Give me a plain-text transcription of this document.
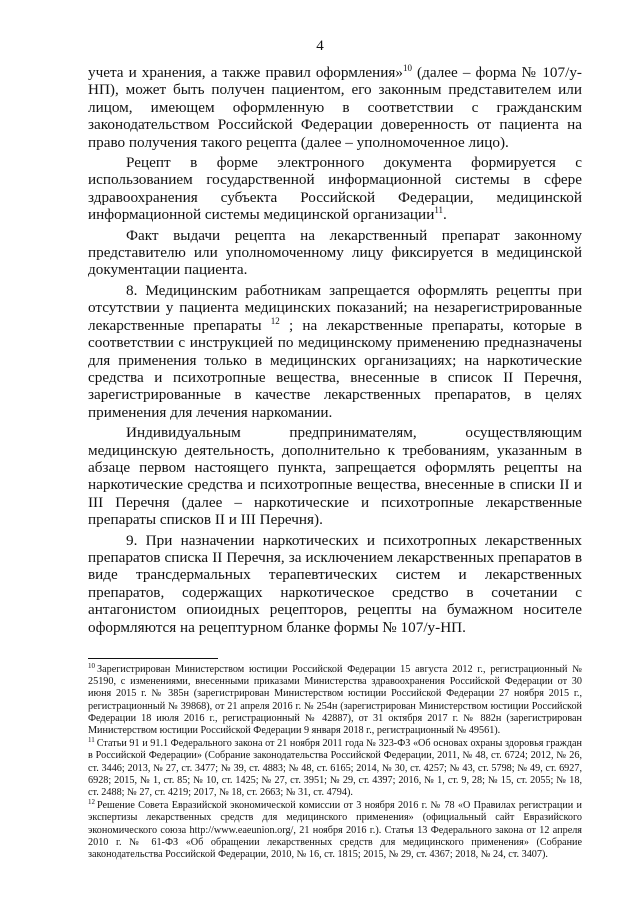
4

учета и хранения, а также правил оформления»$^{10}$ (далее – форма № 107/у-НП), может быть получен пациентом, его законным представителем или лицом, имеющем оформленную в соответствии с гражданским законодательством Российской Федерации доверенность от пациента на право получения такого рецепта (далее – уполномоченное лицо).

Рецепт в форме электронного документа формируется с использованием государственной информационной системы в сфере здравоохранения субъекта Российской Федерации, медицинской информационной системы медицинской организации$^{11}$.

Факт выдачи рецепта на лекарственный препарат законному представителю или уполномоченному лицу фиксируется в медицинской документации пациента.

8. Медицинским работникам запрещается оформлять рецепты при отсутствии у пациента медицинских показаний; на незарегистрированные лекарственные препараты $^{12}$ ; на лекарственные препараты, которые в соответствии с инструкцией по медицинскому применению предназначены для применения только в медицинских организациях; на наркотические средства и психотропные вещества, внесенные в список II Перечня, зарегистрированные в качестве лекарственных препаратов, в целях применения для лечения наркомании.

Индивидуальным предпринимателям, осуществляющим медицинскую деятельность, дополнительно к требованиям, указанным в абзаце первом настоящего пункта, запрещается оформлять рецепты на наркотические средства и психотропные вещества, внесенные в списки II и III Перечня (далее – наркотические и психотропные лекарственные препараты списков II и III Перечня).

9. При назначении наркотических и психотропных лекарственных препаратов списка II Перечня, за исключением лекарственных препаратов в виде трансдермальных терапевтических систем и лекарственных препаратов, содержащих наркотическое средство в сочетании с антагонистом опиоидных рецепторов, рецепты на бумажном носителе оформляются на рецептурном бланке формы № 107/у-НП.

$^{10}$ Зарегистрирован Министерством юстиции Российской Федерации 15 августа 2012 г., регистрационный № 25190, с изменениями, внесенными приказами Министерства здравоохранения Российской Федерации от 30 июня 2015 г. № 385н (зарегистрирован Министерством юстиции Российской Федерации 27 ноября 2015 г., регистрационный № 39868), от 21 апреля 2016 г. № 254н (зарегистрирован Министерством юстиции Российской Федерации 18 июля 2016 г., регистрационный № 42887), от 31 октября 2017 г. № 882н (зарегистрирован Министерством юстиции Российской Федерации 9 января 2018 г., регистрационный № 49561).

$^{11}$ Статьи 91 и 91.1 Федерального закона от 21 ноября 2011 года № 323-ФЗ «Об основах охраны здоровья граждан в Российской Федерации» (Собрание законодательства Российской Федерации, 2011, № 48, ст. 6724; 2012, № 26, ст. 3446; 2013, № 27, ст. 3477; № 39, ст. 4883; № 48, ст. 6165; 2014, № 30, ст. 4257; № 43, ст. 5798; № 49, ст. 6927, 6928; 2015, № 1, ст. 85; № 10, ст. 1425; № 27, ст. 3951; № 29, ст. 4397; 2016, № 1, ст. 9, 28; № 15, ст. 2055; № 18, ст. 2488; № 27, ст. 4219; 2017, № 18, ст. 2663; № 31, ст. 4794).

$^{12}$ Решение Совета Евразийской экономической комиссии от 3 ноября 2016 г. № 78 «О Правилах регистрации и экспертизы лекарственных средств для медицинского применения» (официальный сайт Евразийского экономического союза http://www.eaeunion.org/, 21 ноября 2016 г.). Статья 13 Федерального закона от 12 апреля 2010 г. № 61-ФЗ «Об обращении лекарственных средств для медицинского применения» (Собрание законодательства Российской Федерации, 2010, № 16, ст. 1815; 2015, № 29, ст. 4367; 2018, № 24, ст. 3407).
